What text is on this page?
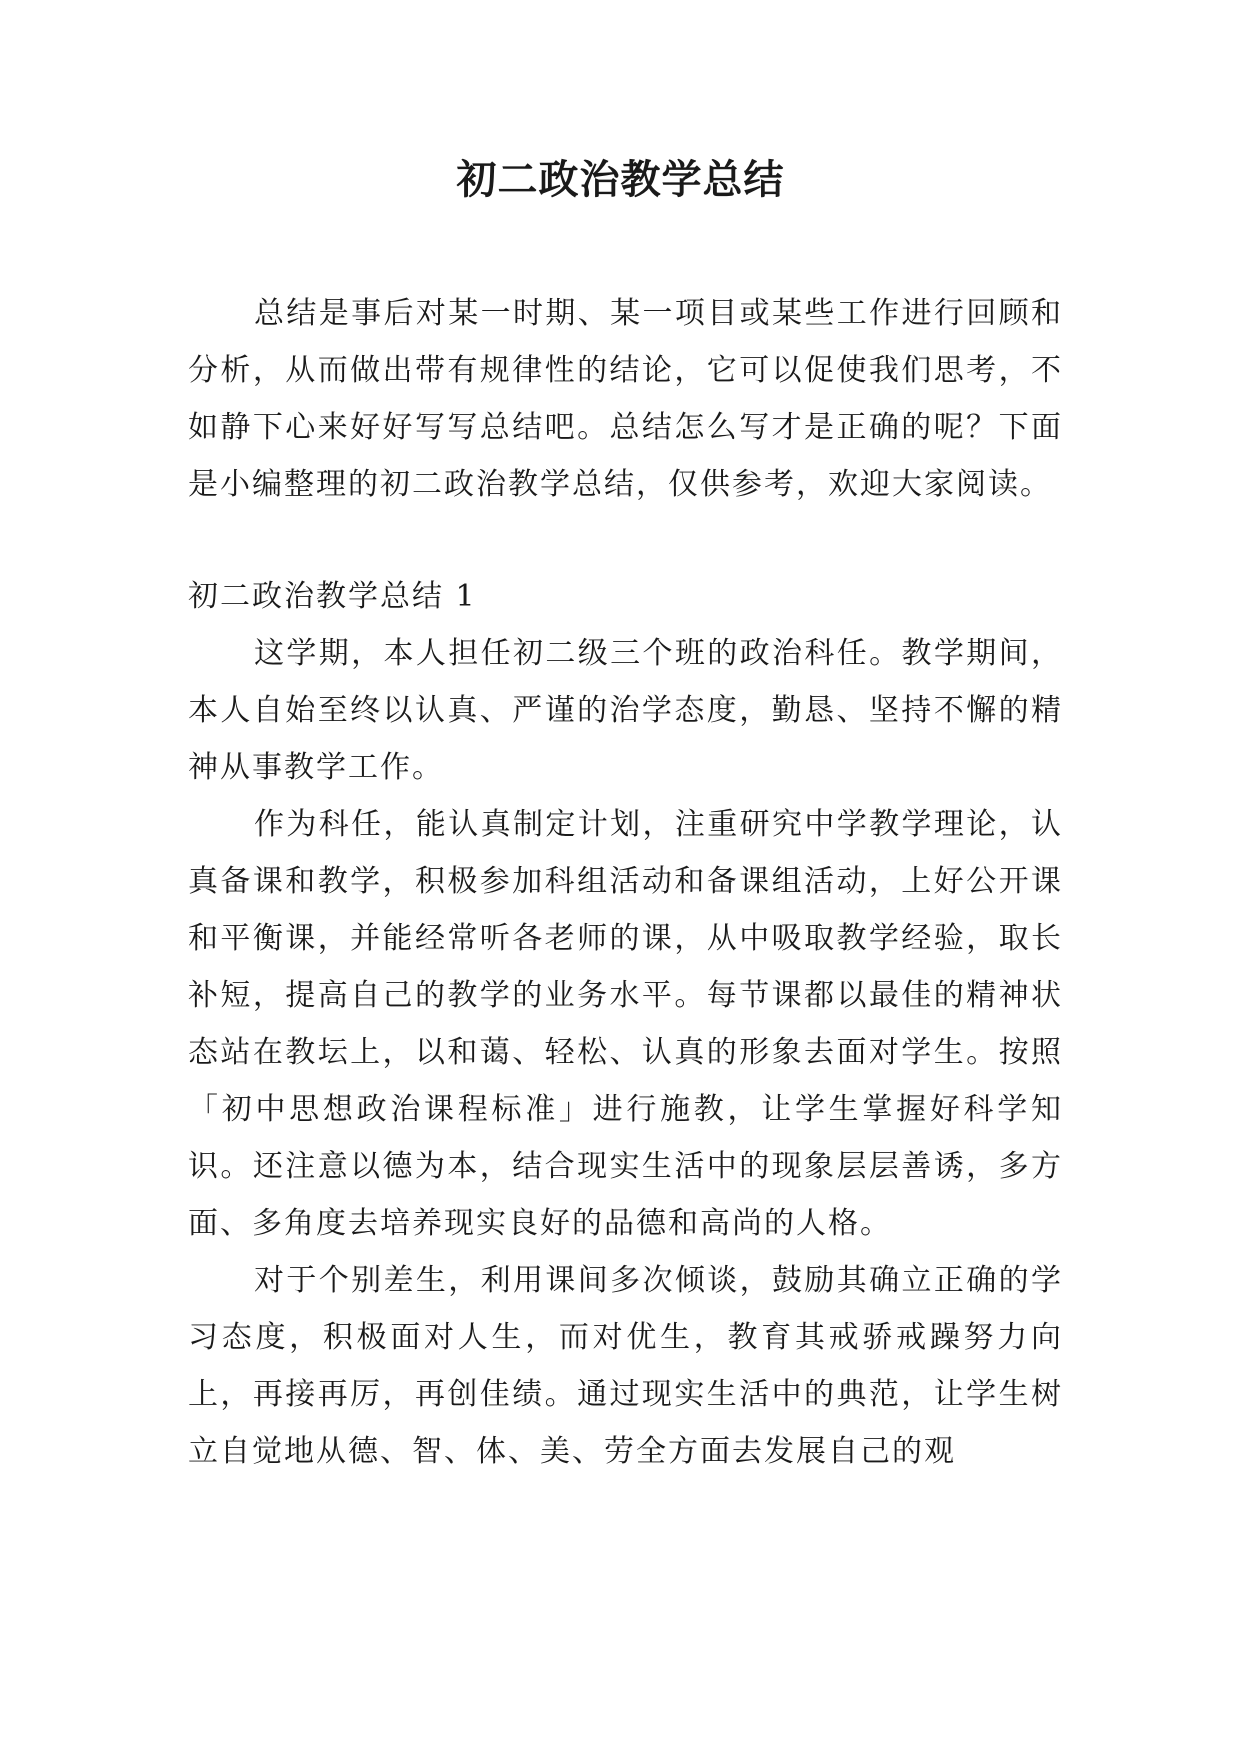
初二政治教学总结

总结是事后对某一时期、某一项目或某些工作进行回顾和分析，从而做出带有规律性的结论，它可以促使我们思考，不如静下心来好好写写总结吧。总结怎么写才是正确的呢？下面是小编整理的初二政治教学总结，仅供参考，欢迎大家阅读。

初二政治教学总结 1

这学期，本人担任初二级三个班的政治科任。教学期间，本人自始至终以认真、严谨的治学态度，勤恳、坚持不懈的精神从事教学工作。

作为科任，能认真制定计划，注重研究中学教学理论，认真备课和教学，积极参加科组活动和备课组活动，上好公开课和平衡课，并能经常听各老师的课，从中吸取教学经验，取长补短，提高自己的教学的业务水平。每节课都以最佳的精神状态站在教坛上，以和蔼、轻松、认真的形象去面对学生。按照「初中思想政治课程标准」进行施教，让学生掌握好科学知识。还注意以德为本，结合现实生活中的现象层层善诱，多方面、多角度去培养现实良好的品德和高尚的人格。

对于个别差生，利用课间多次倾谈，鼓励其确立正确的学习态度，积极面对人生，而对优生，教育其戒骄戒躁努力向上，再接再厉，再创佳绩。通过现实生活中的典范，让学生树立自觉地从德、智、体、美、劳全方面去发展自己的观
